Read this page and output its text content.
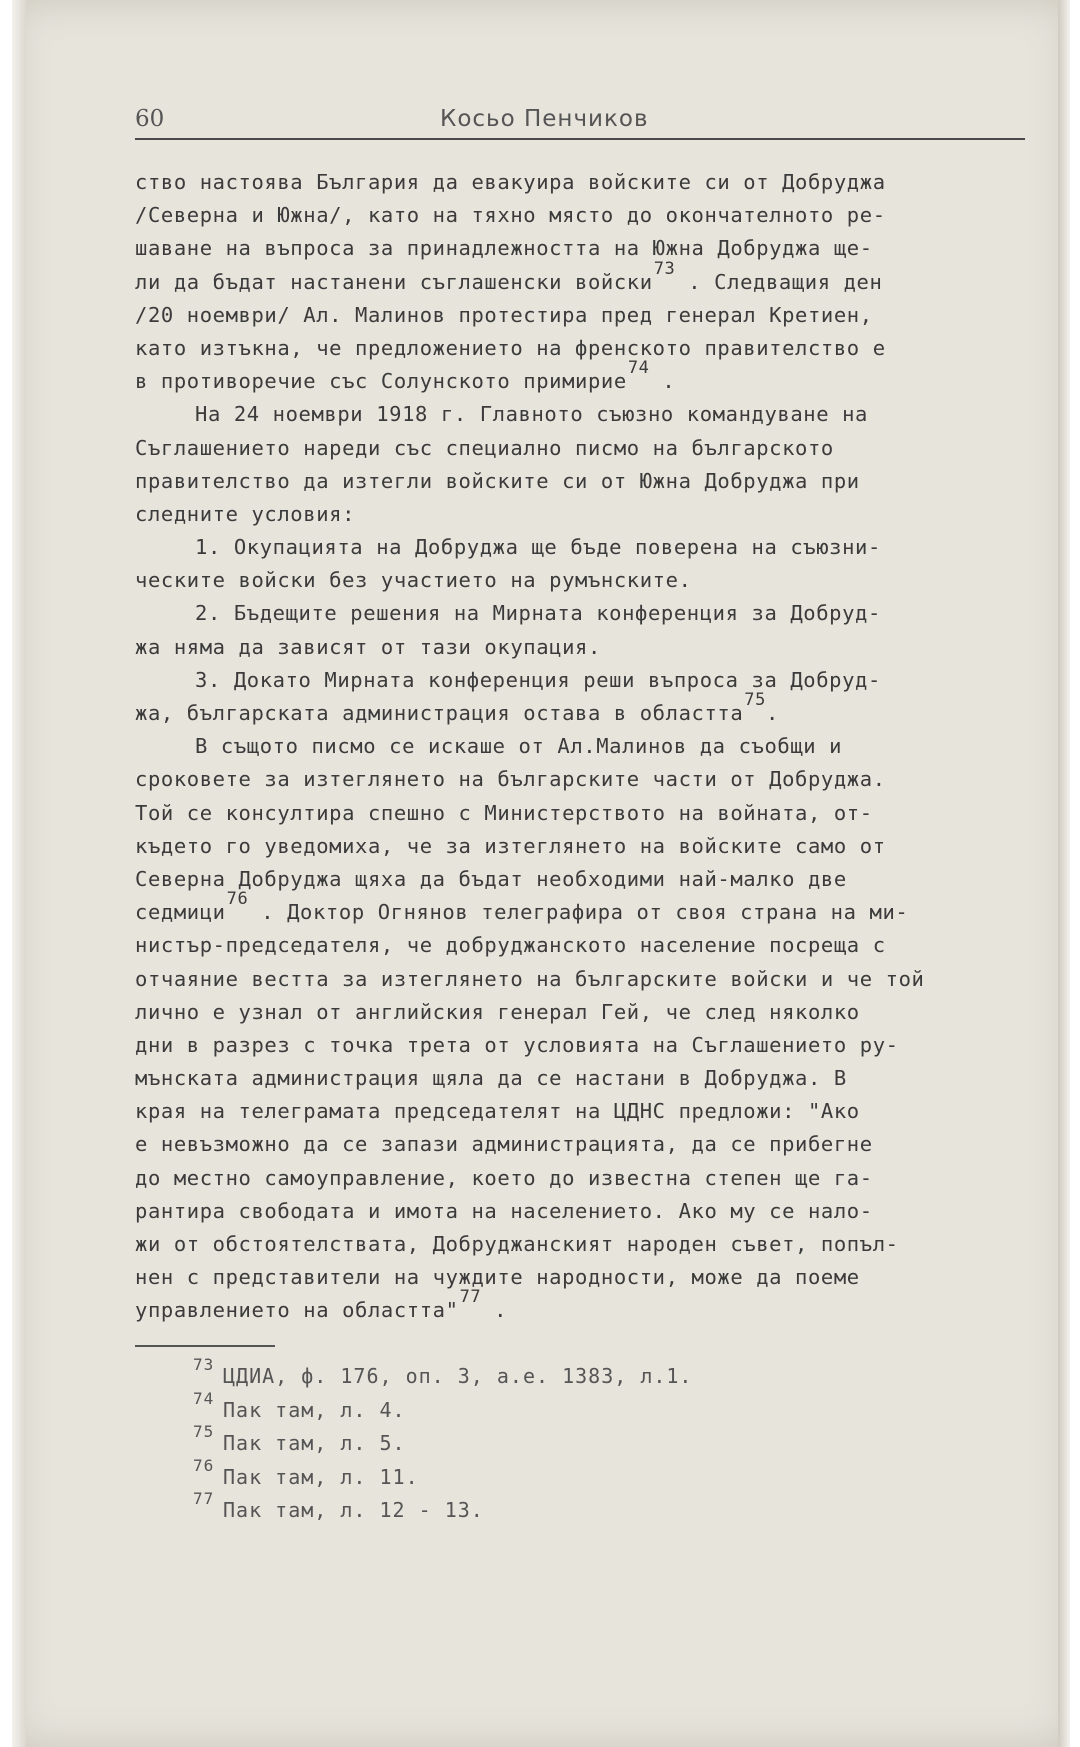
60	Косьо Пенчиков
ство настоява България да евакуира войските си от Добруджа
/Северна и Южна/, като на тяхно място до окончателното ре-
шаване на въпроса за принадлежността на Южна Добруджа ще-
ли да бъдат настанени съглашенски войски$^{73}$ . Следващия ден
/20 ноември/ Ал. Малинов протестира пред генерал Кретиен,
като изтъкна, че предложението на френското правителство е
в противоречие със Солунското примирие$^{74}$ .
На 24 ноември 1918 г. Главното съюзно командуване на
Съглашението нареди със специално писмо на българското
правителство да изтегли войските си от Южна Добруджа при
следните условия:
1. Окупацията на Добруджа ще бъде поверена на съюзни-
ческите войски без участието на румънските.
2. Бъдещите решения на Мирната конференция за Добруд-
жа няма да зависят от тази окупация.
3. Докато Мирната конференция реши въпроса за Добруд-
жа, българската администрация остава в областта$^{75}$.
В същото писмо се искаше от Ал.Малинов да съобщи и
сроковете за изтеглянето на българските части от Добруджа.
Той се консултира спешно с Министерството на войната, от-
където го уведомиха, че за изтеглянето на войските само от
Северна Добруджа щяха да бъдат необходими най-малко две
седмици$^{76}$ . Доктор Огнянов телеграфира от своя страна на ми-
нистър-председателя, че добруджанското население посреща с
отчаяние вестта за изтеглянето на българските войски и че той
лично е узнал от английския генерал Гей, че след няколко
дни в разрез с точка трета от условията на Съглашението ру-
мънската администрация щяла да се настани в Добруджа. В
края на телеграмата председателят на ЦДНС предложи: "Ако
е невъзможно да се запази администрацията, да се прибегне
до местно самоуправление, което до известна степен ще га-
рантира свободата и имота на населението. Ако му се нало-
жи от обстоятелствата, Добруджанският народен съвет, попъл-
нен с представители на чуждите народности, може да поеме
управлението на областта"$^{77}$ .
73 ЦДИА, ф. 176, оп. 3, а.е. 1383, л.1.
74 Пак там, л. 4.
75 Пак там, л. 5.
76 Пак там, л. 11.
77 Пак там, л. 12 - 13.
